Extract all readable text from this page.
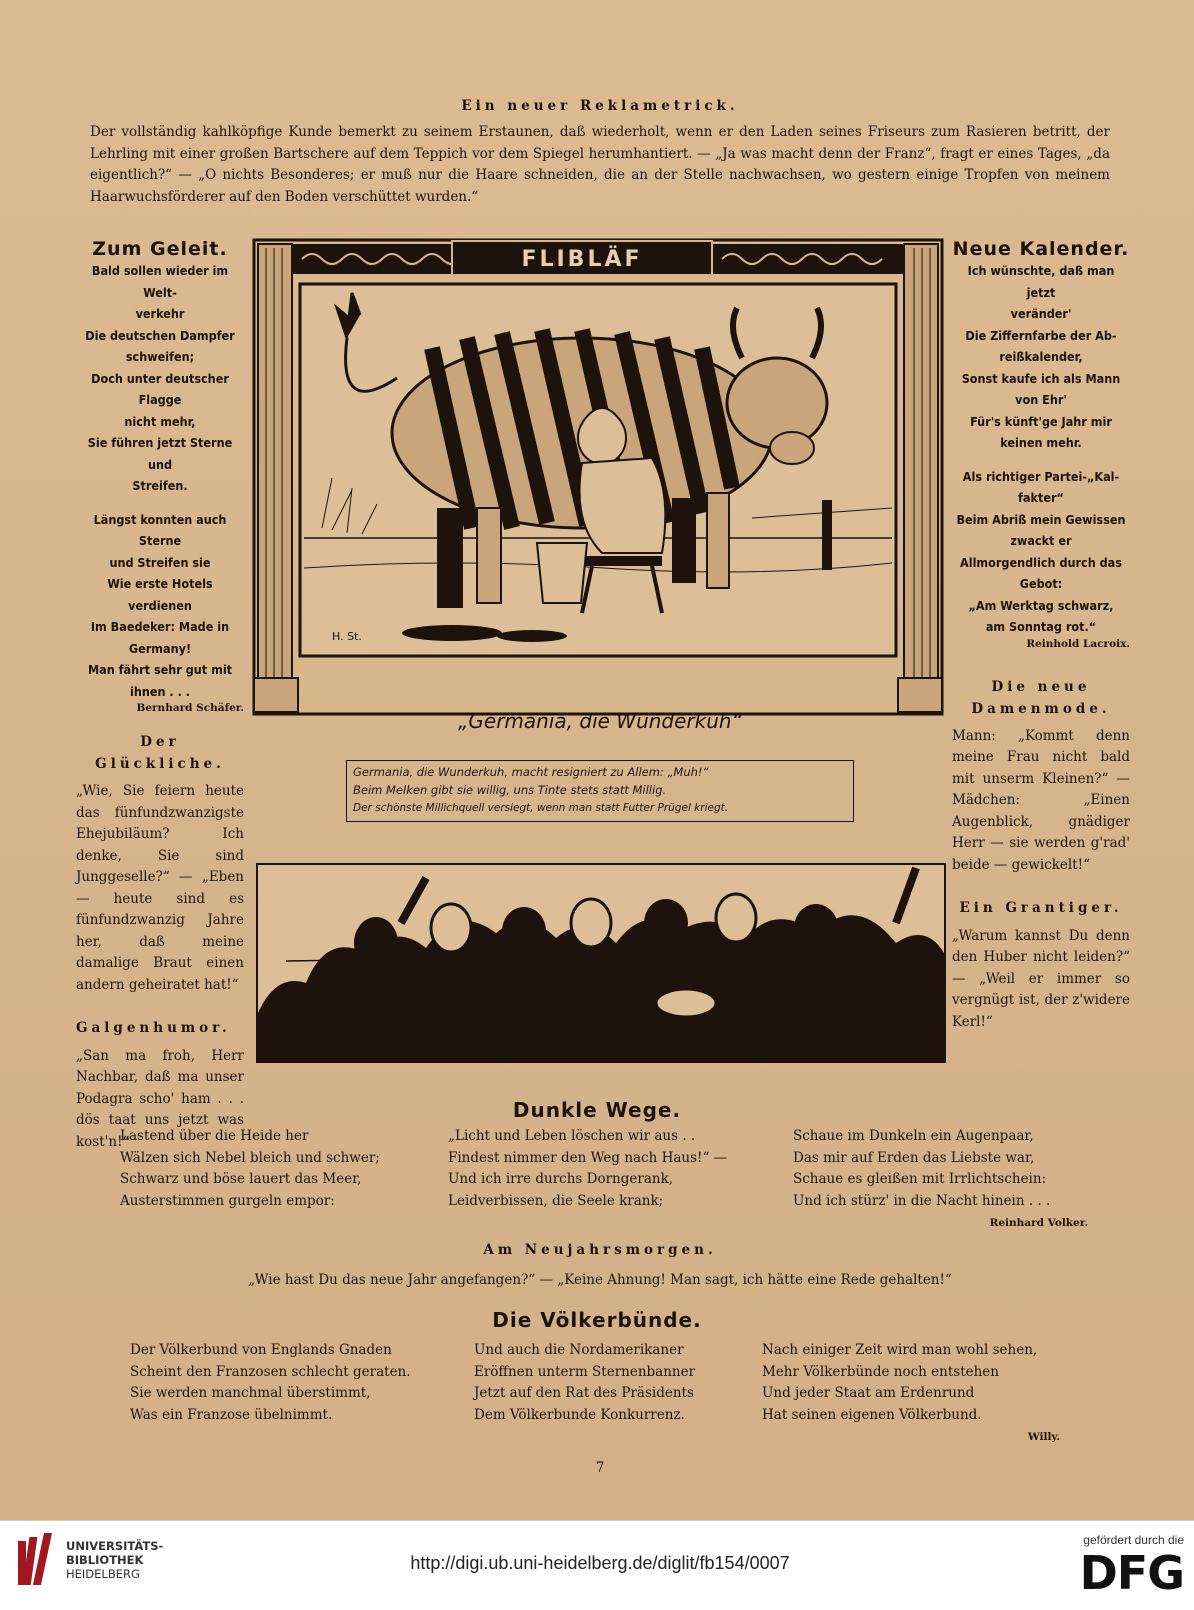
Ein neuer Reklametrick.
Der vollständig kahlköpfige Kunde bemerkt zu seinem Erstaunen, daß wiederholt, wenn er den Laden seines Friseurs zum Rasieren betritt, der Lehrling mit einer großen Bartschere auf dem Teppich vor dem Spiegel herumhantiert. — „Ja was macht denn der Franz“, fragt er eines Tages, „da eigentlich?“ — „O nichts Besonderes; er muß nur die Haare schneiden, die an der Stelle nachwachsen, wo gestern einige Tropfen von meinem Haarwuchsförderer auf den Boden verschüttet wurden.“
Zum Geleit.
Bald sollen wieder im Welt-
verkehr
Die deutschen Dampfer
schweifen;
Doch unter deutscher Flagge
nicht mehr,
Sie führen jetzt Sterne und
Streifen.
Längst konnten auch Sterne
und Streifen sie
Wie erste Hotels verdienen
Im Baedeker: Made in
Germany!
Man fährt sehr gut mit
ihnen . . .
Bernhard Schäfer.
Der Glückliche.
„Wie, Sie feiern heute das fünfundzwanzigste Ehejubiläum? Ich denke, Sie sind Junggeselle?“ — „Eben — heute sind es fünfundzwanzig Jahre her, daß meine damalige Braut einen andern geheiratet hat!“
Galgenhumor.
„San ma froh, Herr Nachbar, daß ma unser Podagra scho' ham . . . dös taat uns jetzt was kost'n!“
Neue Kalender.
Ich wünschte, daß man jetzt
veränder'
Die Ziffernfarbe der Ab-
reißkalender,
Sonst kaufe ich als Mann
von Ehr'
Für's künft'ge Jahr mir
keinen mehr.
Als richtiger Partei-„Kal-
fakter“
Beim Abriß mein Gewissen
zwackt er
Allmorgendlich durch das
Gebot:
„Am Werktag schwarz,
am Sonntag rot.“
Reinhold Lacroix.
Die neue Damenmode.
Mann: „Kommt denn meine Frau nicht bald mit unserm Kleinen?“ — Mädchen: „Einen Augenblick, gnädiger Herr — sie werden g'rad' beide — gewickelt!“
Ein Grantiger.
„Warum kannst Du denn den Huber nicht leiden?“ — „Weil er immer so vergnügt ist, der z'widere Kerl!“
FLIBLÄF
H. St.
„Germania, die Wunderkuh“
Germania, die Wunderkuh, macht resigniert zu Allem: „Muh!“
Beim Melken gibt sie willig, uns Tinte stets statt Millig.
Der schönste Millichquell versiegt, wenn man statt Futter Prügel kriegt.
Dunkle Wege.
Lastend über die Heide her
Wälzen sich Nebel bleich und schwer;
Schwarz und böse lauert das Meer,
Austerstimmen gurgeln empor:
„Licht und Leben löschen wir aus . .
Findest nimmer den Weg nach Haus!“ —
Und ich irre durchs Dorngerank,
Leidverbissen, die Seele krank;
Schaue im Dunkeln ein Augenpaar,
Das mir auf Erden das Liebste war,
Schaue es gleißen mit Irrlichtschein:
Und ich stürz' in die Nacht hinein . . .
Reinhard Volker.
Am Neujahrsmorgen.
„Wie hast Du das neue Jahr angefangen?“ — „Keine Ahnung! Man sagt, ich hätte eine Rede gehalten!“
Die Völkerbünde.
Der Völkerbund von Englands Gnaden
Scheint den Franzosen schlecht geraten.
Sie werden manchmal überstimmt,
Was ein Franzose übelnimmt.
Und auch die Nordamerikaner
Eröffnen unterm Sternenbanner
Jetzt auf den Rat des Präsidents
Dem Völkerbunde Konkurrenz.
Nach einiger Zeit wird man wohl sehen,
Mehr Völkerbünde noch entstehen
Und jeder Staat am Erdenrund
Hat seinen eigenen Völkerbund.
Willy.
7
UNIVERSITÄTS-
BIBLIOTHEK
HEIDELBERG
http://digi.ub.uni-heidelberg.de/diglit/fb154/0007
gefördert durch die
DFG
